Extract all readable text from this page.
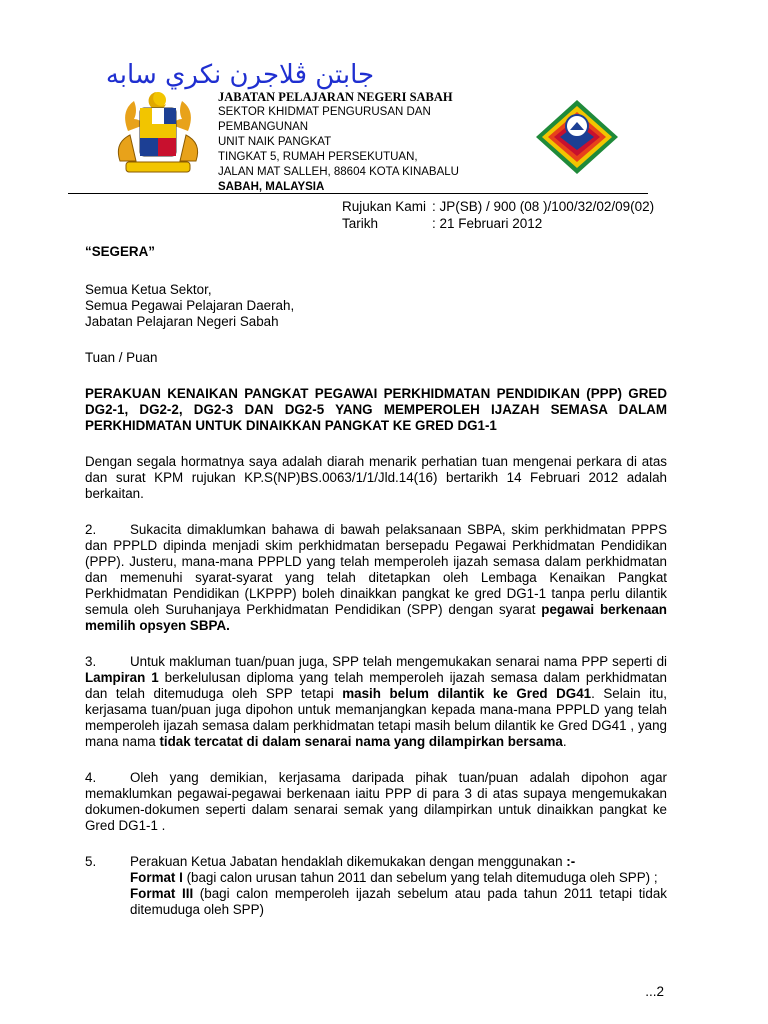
جابتن ڤلاجرن نكري سابه
JABATAN PELAJARAN NEGERI SABAH
SEKTOR KHIDMAT PENGURUSAN DAN PEMBANGUNAN
UNIT NAIK PANGKAT
TINGKAT 5, RUMAH PERSEKUTUAN,
JALAN MAT SALLEH, 88604 KOTA KINABALU
SABAH, MALAYSIA
Rujukan Kami : JP(SB) / 900 (08 )/100/32/02/09(02)
Tarikh	: 21 Februari 2012

“SEGERA”

Semua Ketua Sektor,

Semua Pegawai Pelajaran Daerah,

Jabatan Pelajaran Negeri Sabah

Tuan / Puan

PERAKUAN KENAIKAN PANGKAT PEGAWAI PERKHIDMATAN PENDIDIKAN (PPP) GRED DG2-1, DG2-2, DG2-3 DAN DG2-5 YANG MEMPEROLEH IJAZAH SEMASA DALAM PERKHIDMATAN UNTUK DINAIKKAN PANGKAT KE GRED DG1-1

Dengan segala hormatnya saya adalah diarah menarik perhatian tuan mengenai perkara di atas dan surat KPM rujukan KP.S(NP)BS.0063/1/1/Jld.14(16) bertarikh 14 Februari 2012 adalah berkaitan.

2.	Sukacita dimaklumkan bahawa di bawah pelaksanaan SBPA, skim perkhidmatan PPPS dan PPPLD dipinda menjadi skim perkhidmatan bersepadu Pegawai Perkhidmatan Pendidikan (PPP). Justeru, mana-mana PPPLD yang telah memperoleh ijazah semasa dalam perkhidmatan dan memenuhi syarat-syarat yang telah ditetapkan oleh Lembaga Kenaikan Pangkat Perkhidmatan Pendidikan (LKPPP) boleh dinaikkan pangkat ke gred DG1-1 tanpa perlu dilantik semula oleh Suruhanjaya Perkhidmatan Pendidikan (SPP) dengan syarat pegawai berkenaan memilih opsyen SBPA.

3.	Untuk makluman tuan/puan juga, SPP telah mengemukakan senarai nama PPP seperti di Lampiran 1 berkelulusan diploma yang telah memperoleh ijazah semasa dalam perkhidmatan dan telah ditemuduga oleh SPP tetapi masih belum dilantik ke Gred DG41. Selain itu, kerjasama tuan/puan juga dipohon untuk memanjangkan kepada mana-mana PPPLD yang telah memperoleh ijazah semasa dalam perkhidmatan tetapi masih belum dilantik ke Gred DG41 , yang mana nama tidak tercatat di dalam senarai nama yang dilampirkan bersama.

4.	Oleh yang demikian, kerjasama daripada pihak tuan/puan adalah dipohon agar memaklumkan pegawai-pegawai berkenaan iaitu PPP di para 3 di atas supaya mengemukakan dokumen-dokumen seperti dalam senarai semak yang dilampirkan untuk dinaikkan pangkat ke Gred DG1-1 .

5.	Perakuan Ketua Jabatan hendaklah dikemukakan dengan menggunakan :-

Format I (bagi calon urusan tahun 2011 dan sebelum yang telah ditemuduga oleh SPP) ;

Format III (bagi calon memperoleh ijazah sebelum atau pada tahun 2011 tetapi tidak ditemuduga oleh SPP)

...2
